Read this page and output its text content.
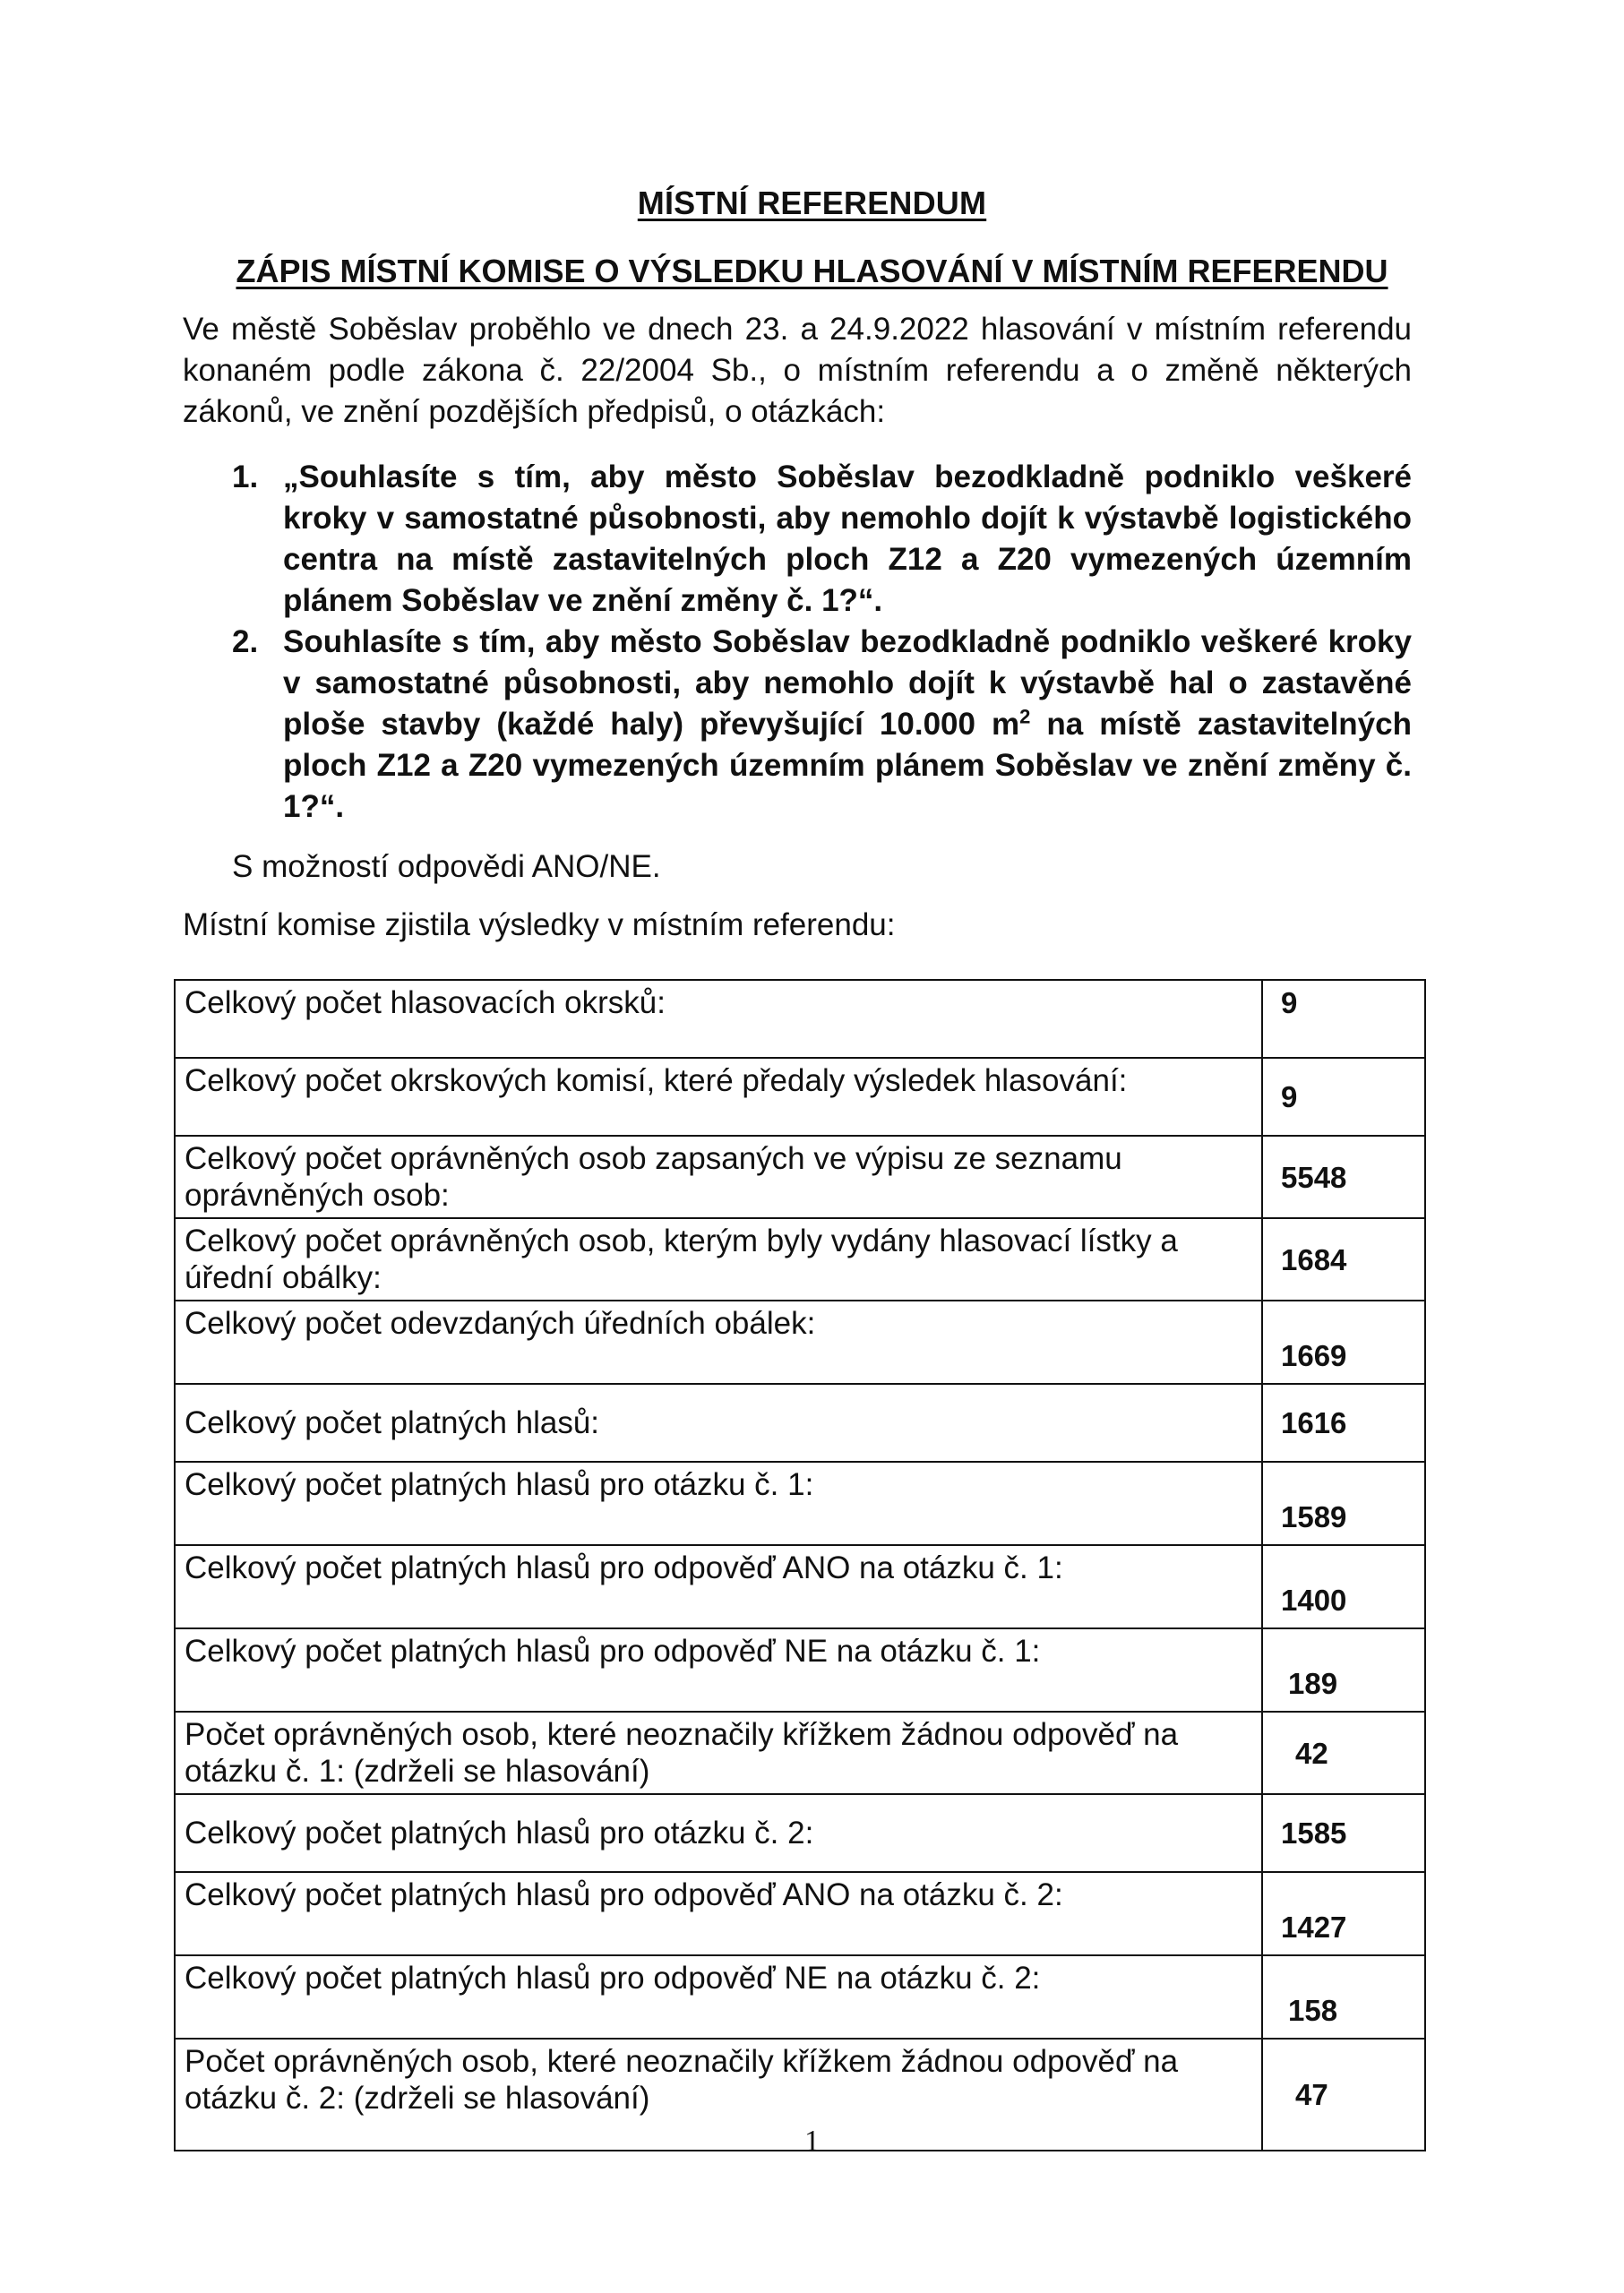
MÍSTNÍ REFERENDUM
ZÁPIS MÍSTNÍ KOMISE O VÝSLEDKU HLASOVÁNÍ V MÍSTNÍM REFERENDU
Ve městě Soběslav proběhlo ve dnech 23. a 24.9.2022 hlasování v místním referendu konaném podle zákona č. 22/2004 Sb., o místním referendu a o změně některých zákonů, ve znění pozdějších předpisů, o otázkách:
1. „Souhlasíte s tím, aby město Soběslav bezodkladně podniklo veškeré kroky v samostatné působnosti, aby nemohlo dojít k výstavbě logistického centra na místě zastavitelných ploch Z12 a Z20 vymezených územním plánem Soběslav ve znění změny č. 1?“.
2. Souhlasíte s tím, aby město Soběslav bezodkladně podniklo veškeré kroky v samostatné působnosti, aby nemohlo dojít k výstavbě hal o zastavěné ploše stavby (každé haly) převyšující 10.000 $m^2$ na místě zastavitelných ploch Z12 a Z20 vymezených územním plánem Soběslav ve znění změny č. 1?“.
S možností odpovědi ANO/NE.
Místní komise zjistila výsledky v místním referendu:
Celkový počet hlasovacích okrsků:	9
Celkový počet okrskových komisí, které předaly výsledek hlasování:	9
Celkový počet oprávněných osob zapsaných ve výpisu ze seznamu oprávněných osob:	5548
Celkový počet oprávněných osob, kterým byly vydány hlasovací lístky a úřední obálky:	1684
Celkový počet odevzdaných úředních obálek:	1669
Celkový počet platných hlasů:	1616
Celkový počet platných hlasů pro otázku č. 1:	1589
Celkový počet platných hlasů pro odpověď ANO na otázku č. 1:	1400
Celkový počet platných hlasů pro odpověď NE na otázku č. 1:	189
Počet oprávněných osob, které neoznačily křížkem žádnou odpověď na otázku č. 1: (zdrželi se hlasování)	42
Celkový počet platných hlasů pro otázku č. 2:	1585
Celkový počet platných hlasů pro odpověď ANO na otázku č. 2:	1427
Celkový počet platných hlasů pro odpověď NE na otázku č. 2:	158
Počet oprávněných osob, které neoznačily křížkem žádnou odpověď na otázku č. 2: (zdrželi se hlasování)	47
1
